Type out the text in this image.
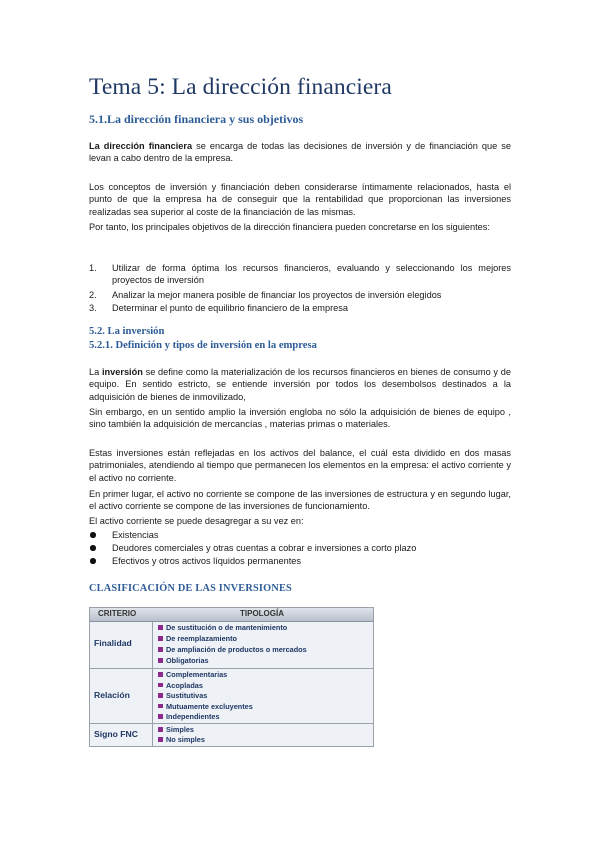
Tema 5: La dirección financiera
5.1.La dirección financiera y sus objetivos

La dirección financiera se encarga de todas las decisiones de inversión y de financiación que se levan a cabo dentro de la empresa.

Los conceptos de inversión y financiación deben considerarse íntimamente relacionados, hasta el punto de que la empresa ha de conseguir que la rentabilidad que proporcionan las inversiones realizadas sea superior al coste de la financiación de las mismas.

Por tanto, los principales objetivos de la dirección financiera pueden concretarse en los siguientes:

1. Utilizar de forma óptima los recursos financieros, evaluando y seleccionando los mejores proyectos de inversión
2. Analizar la mejor manera posible de financiar los proyectos de inversión elegidos
3. Determinar el punto de equilibrio financiero de la empresa
5.2. La inversión
5.2.1. Definición y tipos de inversión en la empresa

La inversión se define como la materialización de los recursos financieros en bienes de consumo y de equipo. En sentido estricto, se entiende inversión por todos los desembolsos destinados a la adquisición de bienes de inmovilizado,

Sin embargo, en un sentido amplio la inversión engloba no sólo la adquisición de bienes de equipo , sino también la adquisición de mercancías , materias primas o materiales.

Estas inversiones están reflejadas en los activos del balance, el cuál esta dividido en dos masas patrimoniales, atendiendo al tiempo que permanecen los elementos en la empresa: el activo corriente y el activo no corriente.

En primer lugar, el activo no corriente se compone de las inversiones de estructura y en segundo lugar, el activo corriente se compone de las inversiones de funcionamiento.

El activo corriente se puede desagregar a su vez en:

Existencias
Deudores comerciales y otras cuentas a cobrar e inversiones a corto plazo
Efectivos y otros activos líquidos permanentes
CLASIFICACIÓN DE LAS INVERSIONES
CRITERIO	TIPOLOGÍA
Finalidad
De sustitución o de mantenimiento
De reemplazamiento
De ampliación de productos o mercados
Obligatorias
Relación
Complementarias
Acopladas
Sustitutivas
Mutuamente excluyentes
Independientes
Signo FNC	Simples
No simples
